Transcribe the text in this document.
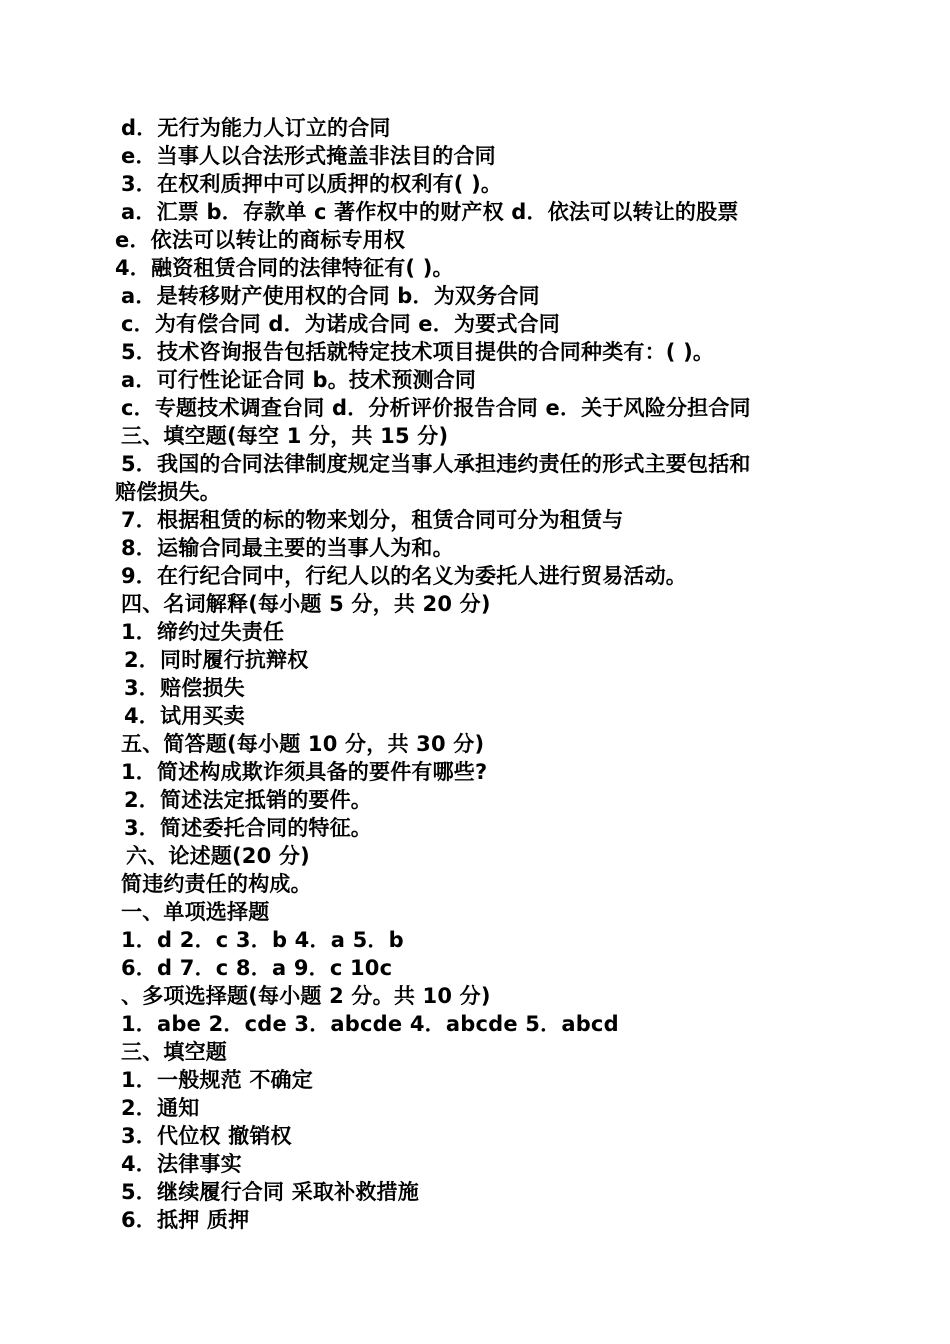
d．无行为能力人订立的合同
e．当事人以合法形式掩盖非法目的合同
3．在权利质押中可以质押的权利有( )。
a．汇票 b．存款单 c 著作权中的财产权 d．依法可以转让的股票
e．依法可以转让的商标专用权
4．融资租赁合同的法律特征有( )。
a．是转移财产使用权的合同 b．为双务合同
c．为有偿合同 d．为诺成合同 e．为要式合同
5．技术咨询报告包括就特定技术项目提供的合同种类有：( )。
a．可行性论证合同 b。技术预测合同
c．专题技术调查台同 d．分析评价报告合同 e．关于风险分担合同
三、填空题(每空 1 分，共 15 分)
5．我国的合同法律制度规定当事人承担违约责任的形式主要包括和
赔偿损失。
7．根据租赁的标的物来划分，租赁合同可分为租赁与
8．运输合同最主要的当事人为和。
9．在行纪合同中，行纪人以的名义为委托人进行贸易活动。
四、名词解释(每小题 5 分，共 20 分)
1．缔约过失责任
2．同时履行抗辩权
3．赔偿损失
4．试用买卖
五、简答题(每小题 10 分，共 30 分)
1．简述构成欺诈须具备的要件有哪些?
2．简述法定抵销的要件。
3．简述委托合同的特征。
六、论述题(20 分)
简违约责任的构成。
一、单项选择题
1．d 2．c 3．b 4．a 5．b
6．d 7．c 8．a 9．c 10c
、多项选择题(每小题 2 分。共 10 分)
1．abe 2．cde 3．abcde 4．abcde 5．abcd
三、填空题
1．一般规范 不确定
2．通知
3．代位权 撤销权
4．法律事实
5．继续履行合同 采取补救措施
6．抵押 质押
